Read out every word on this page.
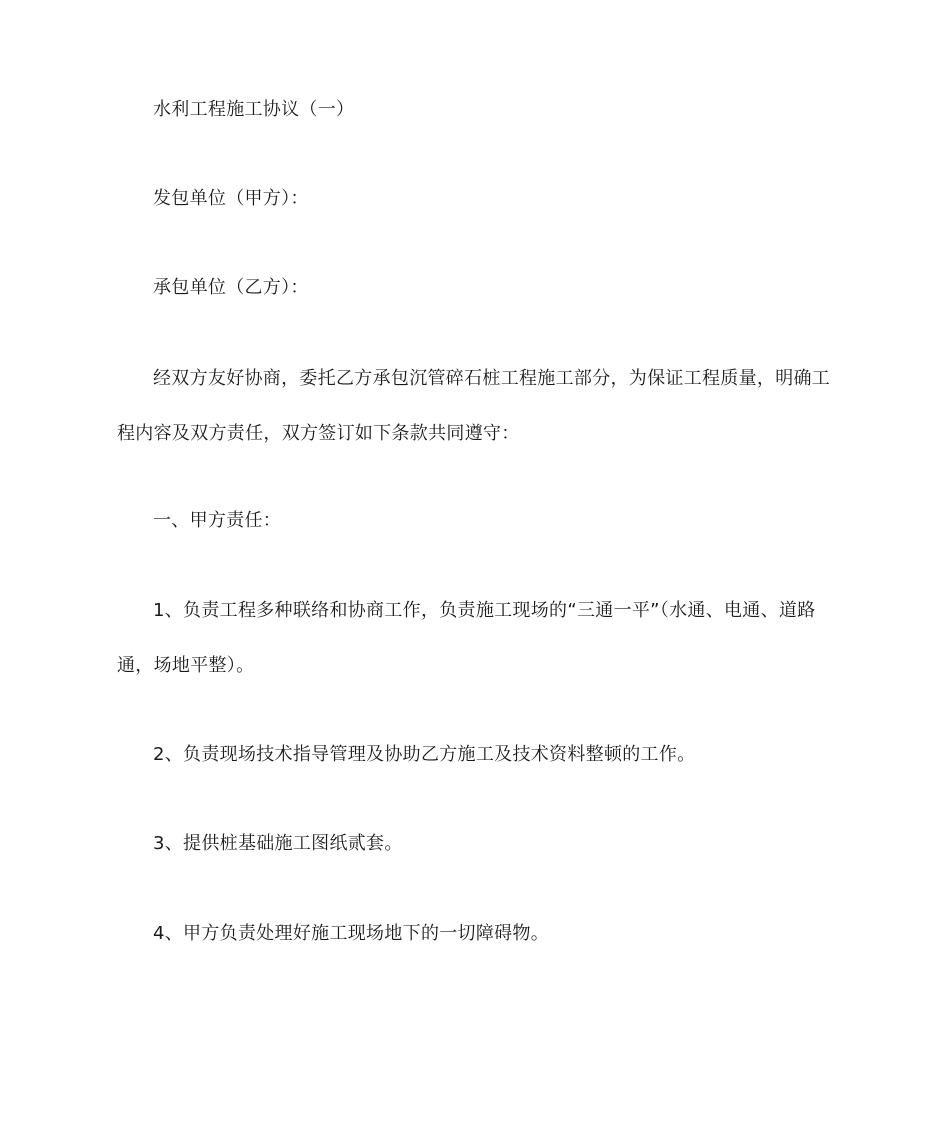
水利工程施工协议（一）

发包单位（甲方）：

承包单位（乙方）：

经双方友好协商，委托乙方承包沉管碎石桩工程施工部分，为保证工程质量，明确工程内容及双方责任，双方签订如下条款共同遵守：

一、甲方责任：

1、负责工程多种联络和协商工作，负责施工现场的“三通一平”（水通、电通、道路通，场地平整）。

2、负责现场技术指导管理及协助乙方施工及技术资料整顿的工作。

3、提供桩基础施工图纸贰套。

4、甲方负责处理好施工现场地下的一切障碍物。
